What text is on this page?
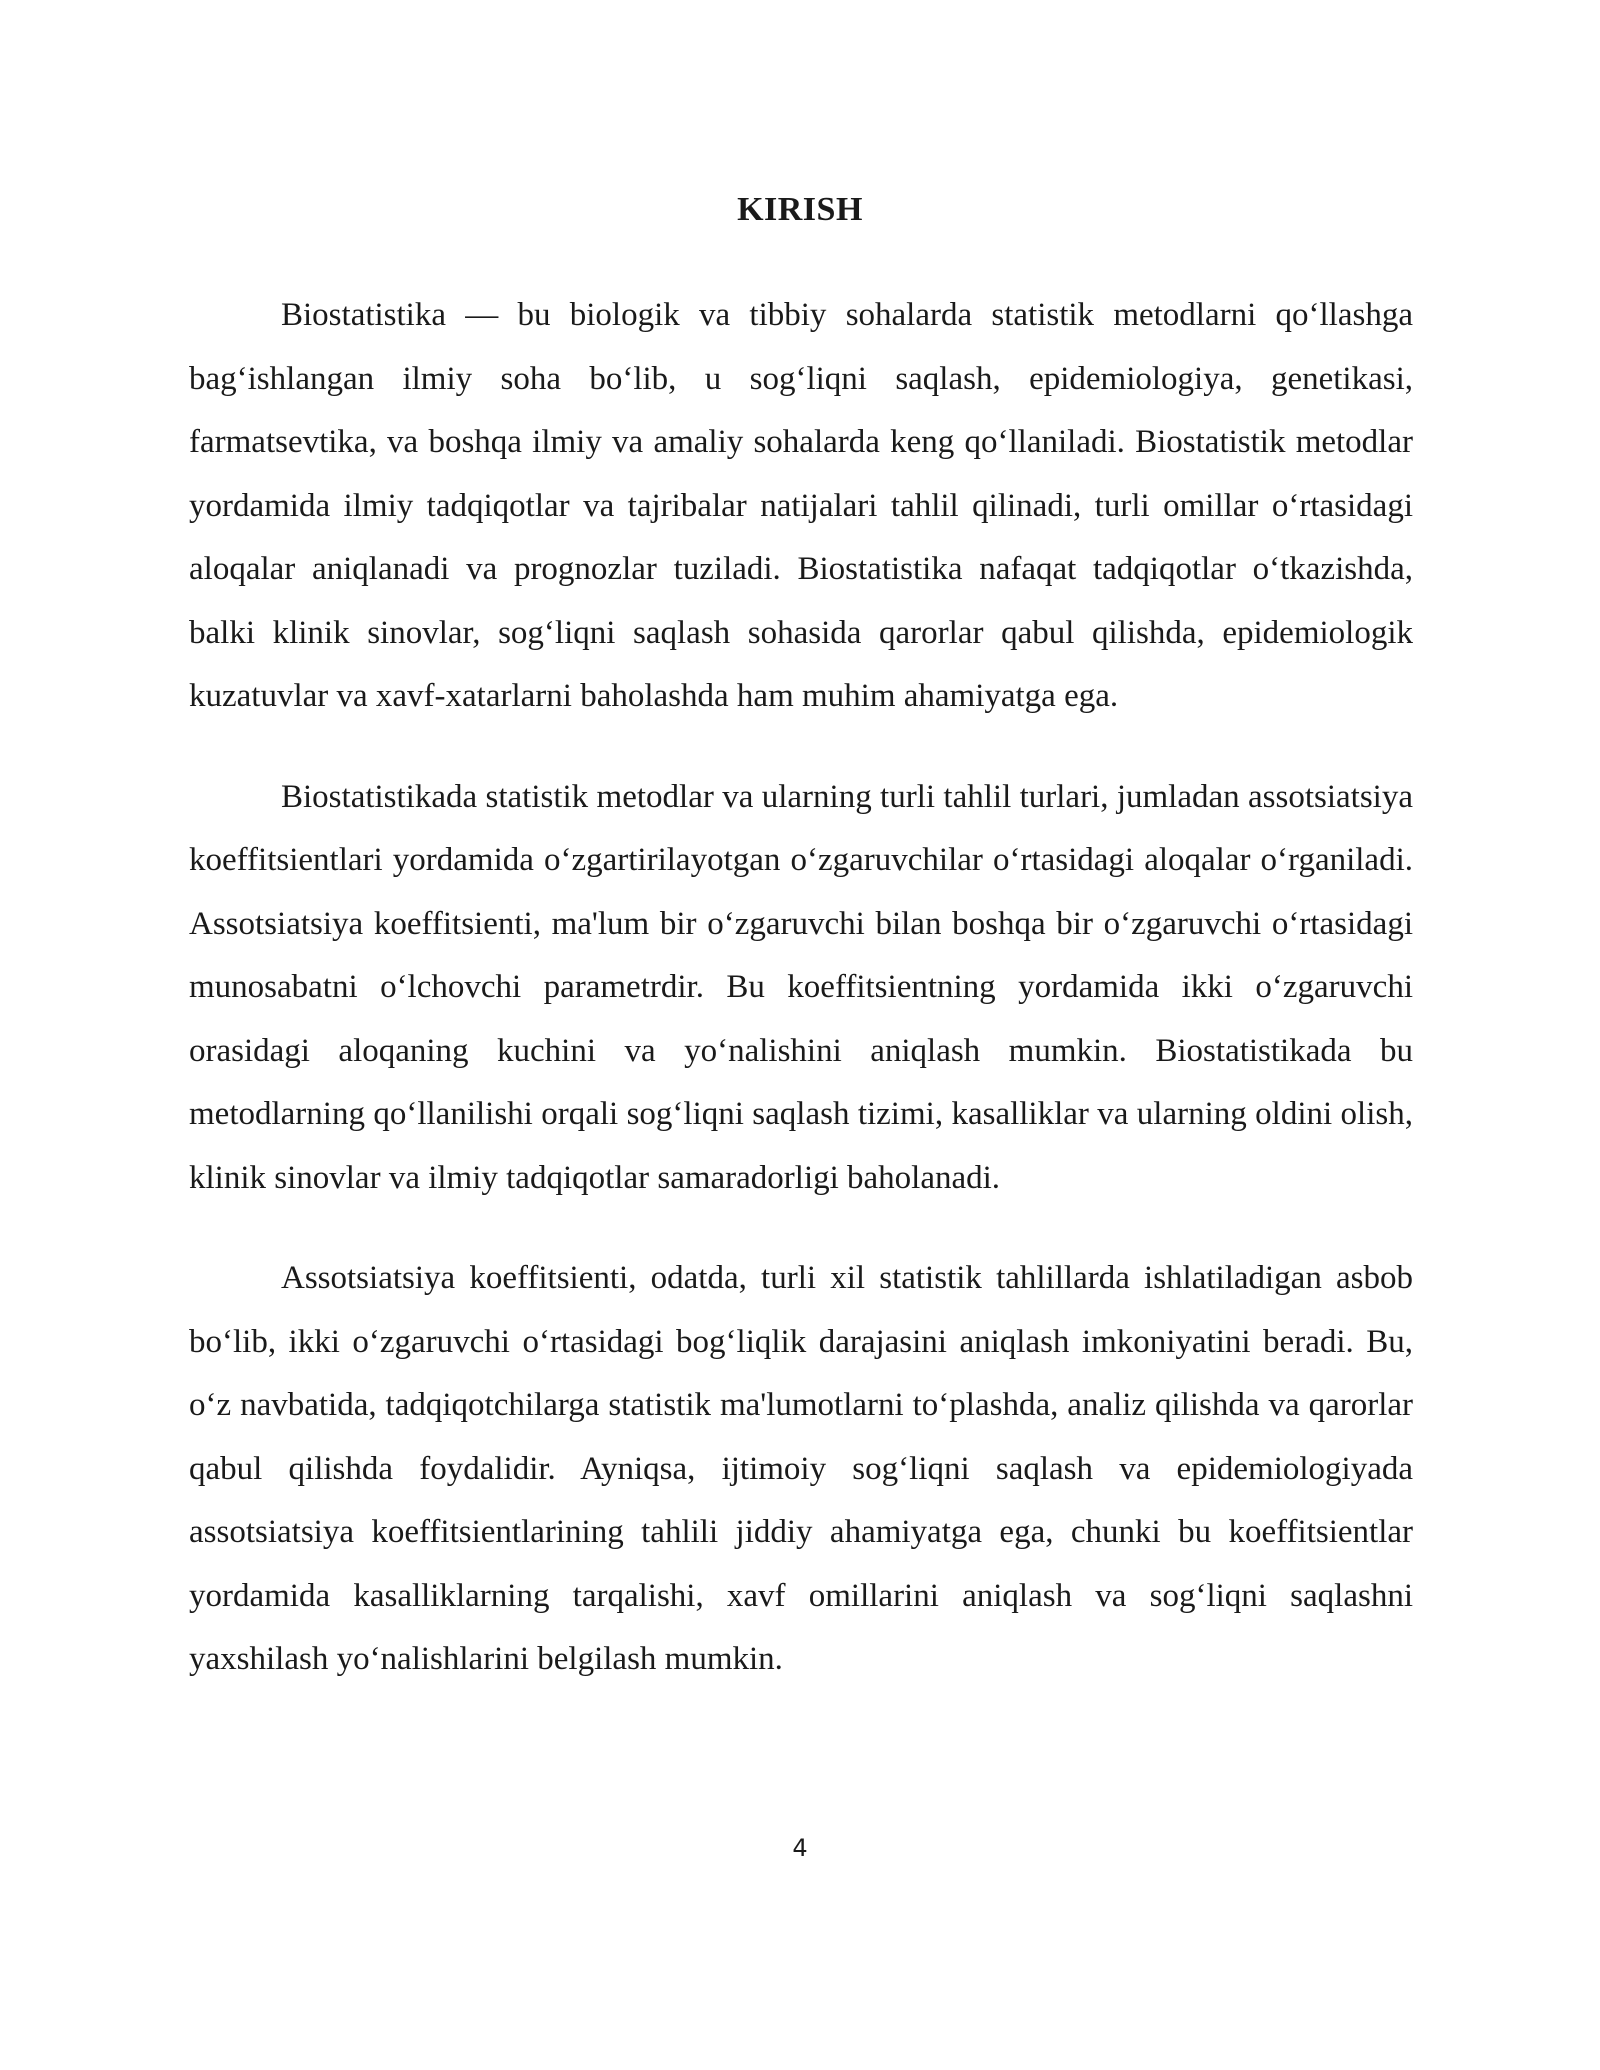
KIRISH

Biostatistika — bu biologik va tibbiy sohalarda statistik metodlarni qo‘llashga bag‘ishlangan ilmiy soha bo‘lib, u sog‘liqni saqlash, epidemiologiya, genetikasi, farmatsevtika, va boshqa ilmiy va amaliy sohalarda keng qo‘llaniladi. Biostatistik metodlar yordamida ilmiy tadqiqotlar va tajribalar natijalari tahlil qilinadi, turli omillar o‘rtasidagi aloqalar aniqlanadi va prognozlar tuziladi. Biostatistika nafaqat tadqiqotlar o‘tkazishda, balki klinik sinovlar, sog‘liqni saqlash sohasida qarorlar qabul qilishda, epidemiologik kuzatuvlar va xavf-xatarlarni baholashda ham muhim ahamiyatga ega.

Biostatistikada statistik metodlar va ularning turli tahlil turlari, jumladan assotsiatsiya koeffitsientlari yordamida o‘zgartirilayotgan o‘zgaruvchilar o‘rtasidagi aloqalar o‘rganiladi. Assotsiatsiya koeffitsienti, ma'lum bir o‘zgaruvchi bilan boshqa bir o‘zgaruvchi o‘rtasidagi munosabatni o‘lchovchi parametrdir. Bu koeffitsientning yordamida ikki o‘zgaruvchi orasidagi aloqaning kuchini va yo‘nalishini aniqlash mumkin. Biostatistikada bu metodlarning qo‘llanilishi orqali sog‘liqni saqlash tizimi, kasalliklar va ularning oldini olish, klinik sinovlar va ilmiy tadqiqotlar samaradorligi baholanadi.

Assotsiatsiya koeffitsienti, odatda, turli xil statistik tahlillarda ishlatiladigan asbob bo‘lib, ikki o‘zgaruvchi o‘rtasidagi bog‘liqlik darajasini aniqlash imkoniyatini beradi. Bu, o‘z navbatida, tadqiqotchilarga statistik ma'lumotlarni to‘plashda, analiz qilishda va qarorlar qabul qilishda foydalidir. Ayniqsa, ijtimoiy sog‘liqni saqlash va epidemiologiyada assotsiatsiya koeffitsientlarining tahlili jiddiy ahamiyatga ega, chunki bu koeffitsientlar yordamida kasalliklarning tarqalishi, xavf omillarini aniqlash va sog‘liqni saqlashni yaxshilash yo‘nalishlarini belgilash mumkin.

4
